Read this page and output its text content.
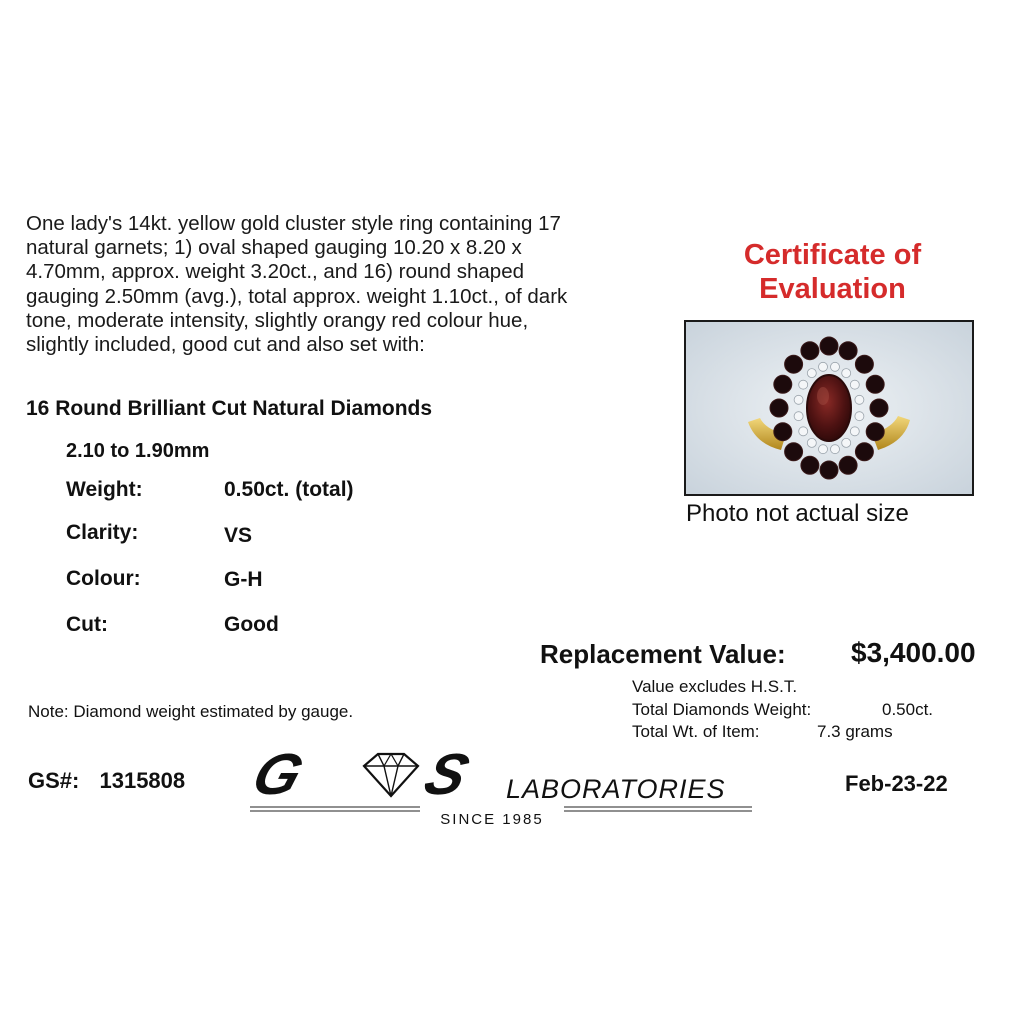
One lady's 14kt. yellow gold cluster style ring containing 17
natural garnets; 1) oval shaped gauging 10.20 x 8.20 x
4.70mm, approx. weight 3.20ct., and 16) round shaped
gauging 2.50mm (avg.), total approx. weight 1.10ct., of dark
tone, moderate intensity, slightly orangy red colour hue,
slightly included, good cut and also set with:
16 Round Brilliant Cut Natural Diamonds
2.10 to 1.90mm
Weight:	0.50ct. (total)
Clarity:	VS
Colour:	G-H
Cut:	Good
Certificate of
Evaluation
Photo not actual size
Replacement Value: $3,400.00
Value excludes H.S.T.
Total Diamonds Weight:	0.50ct.
Total Wt. of Item:	7.3 grams
Note: Diamond weight estimated by gauge.
GS#: 1315808 G S LABORATORIES
SINCE 1985
Feb-23-22
